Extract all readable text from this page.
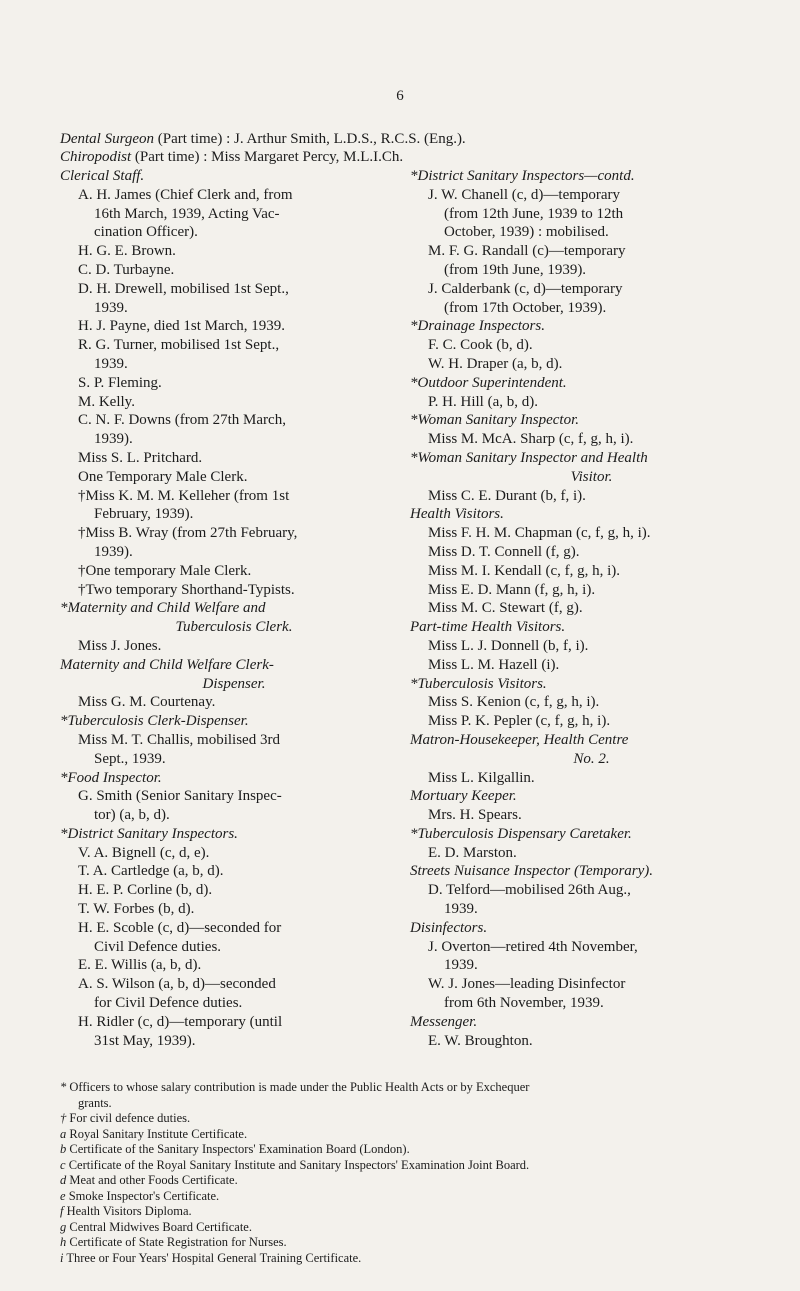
6
Dental Surgeon (Part time) : J. Arthur Smith, L.D.S., R.C.S. (Eng.).
Chiropodist (Part time) : Miss Margaret Percy, M.L.I.Ch.
Clerical Staff.
A. H. James (Chief Clerk and, from
16th March, 1939, Acting Vac-
cination Officer).
H. G. E. Brown.
C. D. Turbayne.
D. H. Drewell, mobilised 1st Sept.,
1939.
H. J. Payne, died 1st March, 1939.
R. G. Turner, mobilised 1st Sept.,
1939.
S. P. Fleming.
M. Kelly.
C. N. F. Downs (from 27th March,
1939).
Miss S. L. Pritchard.
One Temporary Male Clerk.
†Miss K. M. M. Kelleher (from 1st
February, 1939).
†Miss B. Wray (from 27th February,
1939).
†One temporary Male Clerk.
†Two temporary Shorthand-Typists.
*Maternity and Child Welfare and
Tuberculosis Clerk.
Miss J. Jones.
Maternity and Child Welfare Clerk-
Dispenser.
Miss G. M. Courtenay.
*Tuberculosis Clerk-Dispenser.
Miss M. T. Challis, mobilised 3rd
Sept., 1939.
*Food Inspector.
G. Smith (Senior Sanitary Inspec-
tor) (a, b, d).
*District Sanitary Inspectors.
V. A. Bignell (c, d, e).
T. A. Cartledge (a, b, d).
H. E. P. Corline (b, d).
T. W. Forbes (b, d).
H. E. Scoble (c, d)—seconded for
Civil Defence duties.
E. E. Willis (a, b, d).
A. S. Wilson (a, b, d)—seconded
for Civil Defence duties.
H. Ridler (c, d)—temporary (until
31st May, 1939).
*District Sanitary Inspectors—contd.
J. W. Chanell (c, d)—temporary
(from 12th June, 1939 to 12th
October, 1939) : mobilised.
M. F. G. Randall (c)—temporary
(from 19th June, 1939).
J. Calderbank (c, d)—temporary
(from 17th October, 1939).
*Drainage Inspectors.
F. C. Cook (b, d).
W. H. Draper (a, b, d).
*Outdoor Superintendent.
P. H. Hill (a, b, d).
*Woman Sanitary Inspector.
Miss M. McA. Sharp (c, f, g, h, i).
*Woman Sanitary Inspector and Health
Visitor.
Miss C. E. Durant (b, f, i).
Health Visitors.
Miss F. H. M. Chapman (c, f, g, h, i).
Miss D. T. Connell (f, g).
Miss M. I. Kendall (c, f, g, h, i).
Miss E. D. Mann (f, g, h, i).
Miss M. C. Stewart (f, g).
Part-time Health Visitors.
Miss L. J. Donnell (b, f, i).
Miss L. M. Hazell (i).
*Tuberculosis Visitors.
Miss S. Kenion (c, f, g, h, i).
Miss P. K. Pepler (c, f, g, h, i).
Matron-Housekeeper, Health Centre
No. 2.
Miss L. Kilgallin.
Mortuary Keeper.
Mrs. H. Spears.
*Tuberculosis Dispensary Caretaker.
E. D. Marston.
Streets Nuisance Inspector (Temporary).
D. Telford—mobilised 26th Aug.,
1939.
Disinfectors.
J. Overton—retired 4th November,
1939.
W. J. Jones—leading Disinfector
from 6th November, 1939.
Messenger.
E. W. Broughton.
* Officers to whose salary contribution is made under the Public Health Acts or by Exchequer
grants.
† For civil defence duties.
a Royal Sanitary Institute Certificate.
b Certificate of the Sanitary Inspectors' Examination Board (London).
c Certificate of the Royal Sanitary Institute and Sanitary Inspectors' Examination Joint Board.
d Meat and other Foods Certificate.
e Smoke Inspector's Certificate.
f Health Visitors Diploma.
g Central Midwives Board Certificate.
h Certificate of State Registration for Nurses.
i Three or Four Years' Hospital General Training Certificate.
